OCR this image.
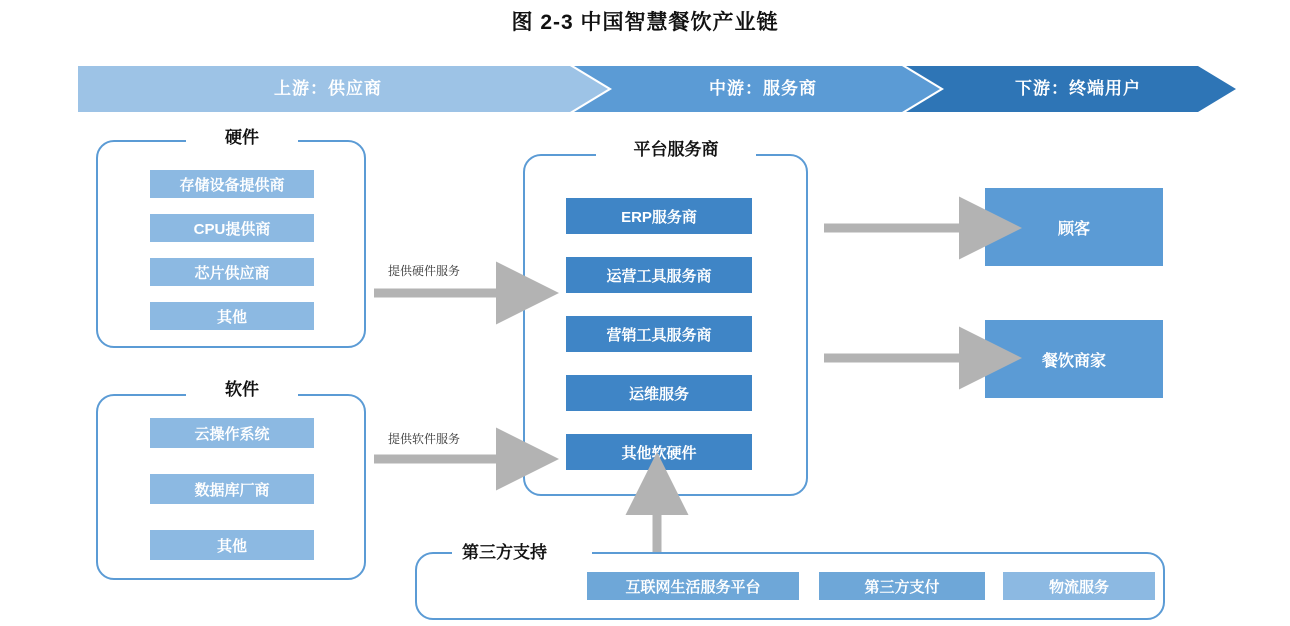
图 2-3 中国智慧餐饮产业链
上游：供应商	中游：服务商	下游：终端用户
硬件
存储设备提供商
CPU提供商
芯片供应商
其他
软件
云操作系统
数据库厂商
其他
平台服务商
ERP服务商
运营工具服务商
营销工具服务商
运维服务
其他软硬件
第三方支持
互联网生活服务平台	第三方支付	物流服务
顾客
餐饮商家
提供硬件服务
提供软件服务
